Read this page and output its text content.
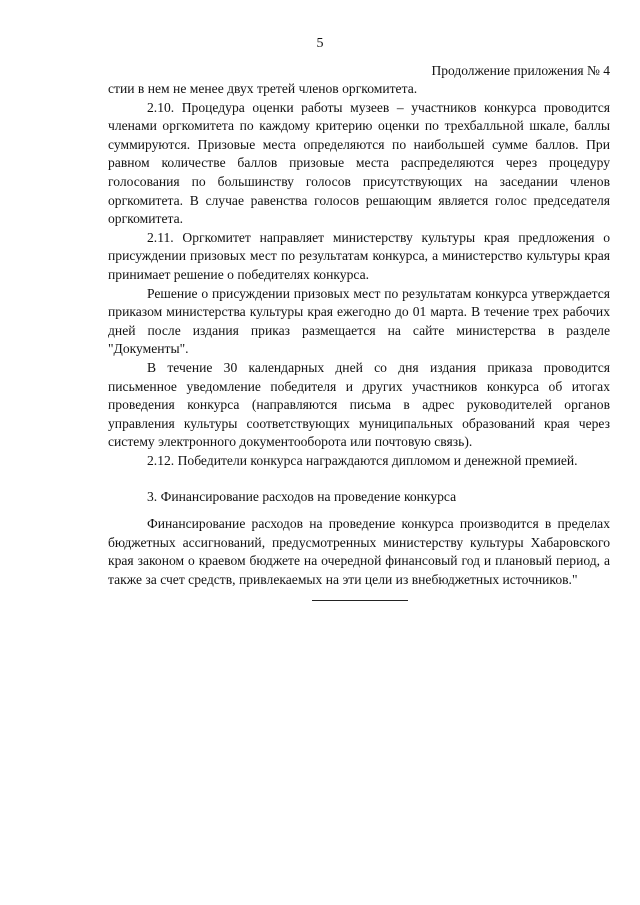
5
Продолжение приложения № 4

стии в нем не менее двух третей членов оргкомитета.

2.10. Процедура оценки работы музеев – участников конкурса проводится членами оргкомитета по каждому критерию оценки по трехбалльной шкале, баллы суммируются. Призовые места определяются по наибольшей сумме баллов. При равном количестве баллов призовые места распределяются через процедуру голосования по большинству голосов присутствующих на заседании членов оргкомитета. В случае равенства голосов решающим является голос председателя оргкомитета.

2.11. Оргкомитет направляет министерству культуры края предложения о присуждении призовых мест по результатам конкурса, а министерство культуры края принимает решение о победителях конкурса.

Решение о присуждении призовых мест по результатам конкурса утверждается приказом министерства культуры края ежегодно до 01 марта. В течение трех рабочих дней после издания приказ размещается на сайте министерства в разделе "Документы".

В течение 30 календарных дней со дня издания приказа проводится письменное уведомление победителя и других участников конкурса об итогах проведения конкурса (направляются письма в адрес руководителей органов управления культуры соответствующих муниципальных образований края через систему электронного документооборота или почтовую связь).

2.12. Победители конкурса награждаются дипломом и денежной премией.

3. Финансирование расходов на проведение конкурса

Финансирование расходов на проведение конкурса производится в пределах бюджетных ассигнований, предусмотренных министерству культуры Хабаровского края законом о краевом бюджете на очередной финансовый год и плановый период, а также за счет средств, привлекаемых на эти цели из внебюджетных источников."
